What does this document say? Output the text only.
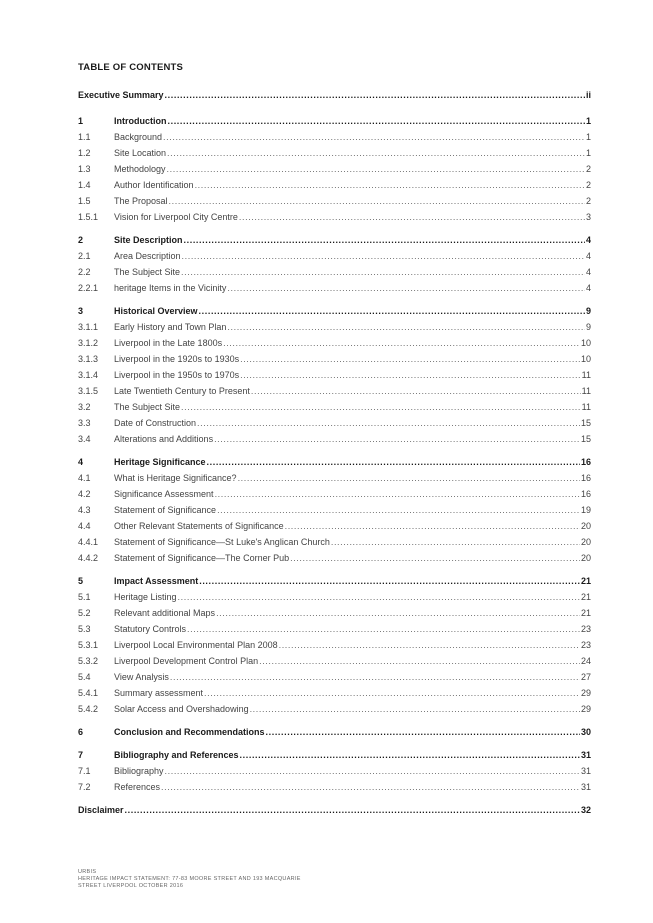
TABLE OF CONTENTS
Executive Summary .....	ii
1	Introduction .....	1
1.1	Background .....	1
1.2	Site Location .....	1
1.3	Methodology .....	2
1.4	Author Identification .....	2
1.5	The Proposal .....	2
1.5.1	Vision for Liverpool City Centre .....	3
2	Site Description .....	4
2.1	Area Description .....	4
2.2	The Subject Site .....	4
2.2.1	heritage Items in the Vicinity .....	4
3	Historical Overview .....	9
3.1.1	Early History and Town Plan .....	9
3.1.2	Liverpool in the Late 1800s .....	10
3.1.3	Liverpool in the 1920s to 1930s .....	10
3.1.4	Liverpool in the 1950s to 1970s .....	11
3.1.5	Late Twentieth Century to Present .....	11
3.2	The Subject Site .....	11
3.3	Date of Construction .....	15
3.4	Alterations and Additions .....	15
4	Heritage Significance .....	16
4.1	What is Heritage Significance? .....	16
4.2	Significance Assessment .....	16
4.3	Statement of Significance .....	19
4.4	Other Relevant Statements of Significance .....	20
4.4.1	Statement of Significance—St Luke's Anglican Church .....	20
4.4.2	Statement of Significance—The Corner Pub .....	20
5	Impact Assessment .....	21
5.1	Heritage Listing .....	21
5.2	Relevant additional Maps .....	21
5.3	Statutory Controls .....	23
5.3.1	Liverpool Local Environmental Plan 2008 .....	23
5.3.2	Liverpool Development Control Plan .....	24
5.4	View Analysis .....	27
5.4.1	Summary assessment .....	29
5.4.2	Solar Access and Overshadowing .....	29
6	Conclusion and Recommendations .....	30
7	Bibliography and References .....	31
7.1	Bibliography .....	31
7.2	References .....	31
Disclaimer .....	32
URBIS
HERITAGE IMPACT STATEMENT: 77-83 MOORE STREET AND 193 MACQUARIE
STREET LIVERPOOL OCTOBER 2016
